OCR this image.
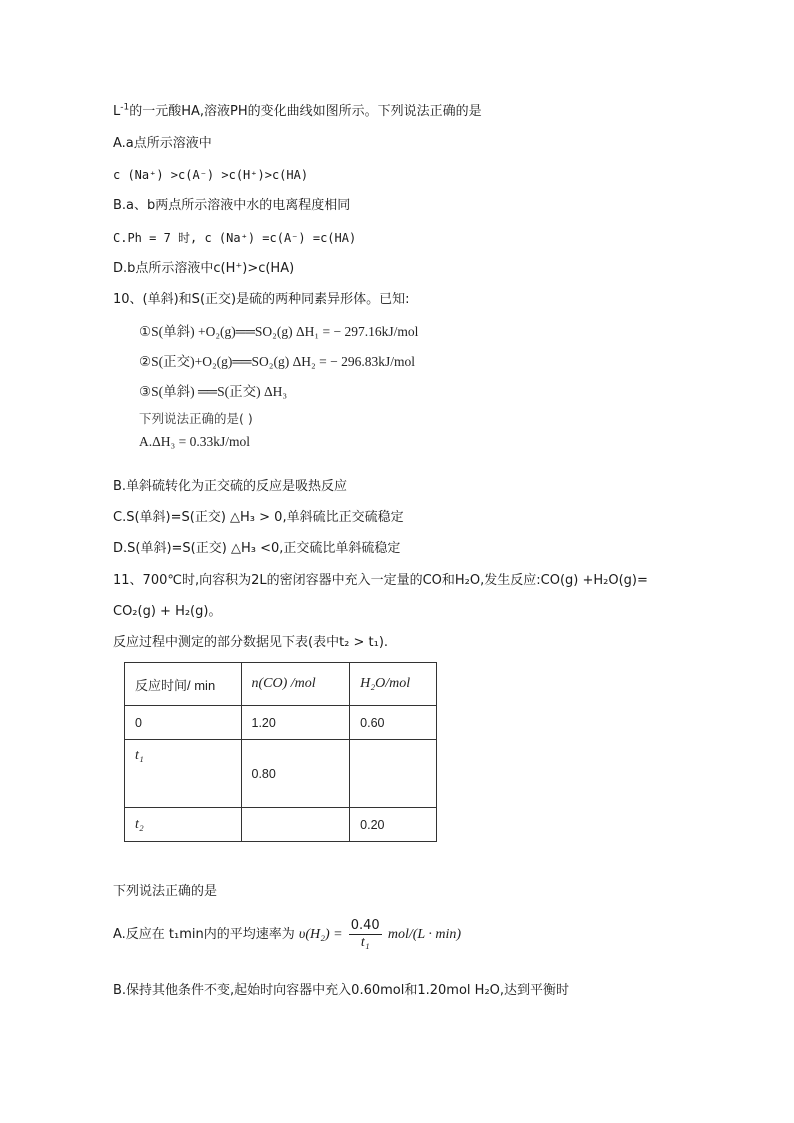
$L^{-1}$的一元酸HA,溶液PH的变化曲线如图所示。下列说法正确的是
A.a点所示溶液中
c (Na⁺) >c(A⁻) >c(H⁺)>c(HA)
B.a、b两点所示溶液中水的电离程度相同
C.Ph = 7 时, c (Na⁺) =c(A⁻) =c(HA)
D.b点所示溶液中c(H⁺)>c(HA)
10、(单斜)和S(正交)是硫的两种同素异形体。已知:
①S(单斜) +O₂(g)══SO₂(g) ΔH₁ = − 297.16kJ/mol
②S(正交)+O₂(g)══SO₂(g) ΔH₂ = − 296.83kJ/mol
③S(单斜) ══S(正交) ΔH₃
下列说法正确的是( )
A.ΔH₃ = 0.33kJ/mol
B.单斜硫转化为正交硫的反应是吸热反应
C.S(单斜)=S(正交) △H₃ > 0,单斜硫比正交硫稳定
D.S(单斜)=S(正交) △H₃ <0,正交硫比单斜硫稳定
11、700℃时,向容积为2L的密闭容器中充入一定量的CO和H₂O,发生反应:CO(g) +H₂O(g)=
CO₂(g) + H₂(g)。
反应过程中测定的部分数据见下表(表中t₂ > t₁).
反应时间/ min	n(CO) /mol	H₂O/mol
0	1.20	0.60
t₁	0.80	
t₂		0.20
下列说法正确的是
A.反应在 t₁min内的平均速率为 $\upsilon(H_2) = \frac{0.40}{\text{t₁}} mol/(L \cdot \min)$
B.保持其他条件不变,起始时向容器中充入0.60mol和1.20mol H₂O,达到平衡时
